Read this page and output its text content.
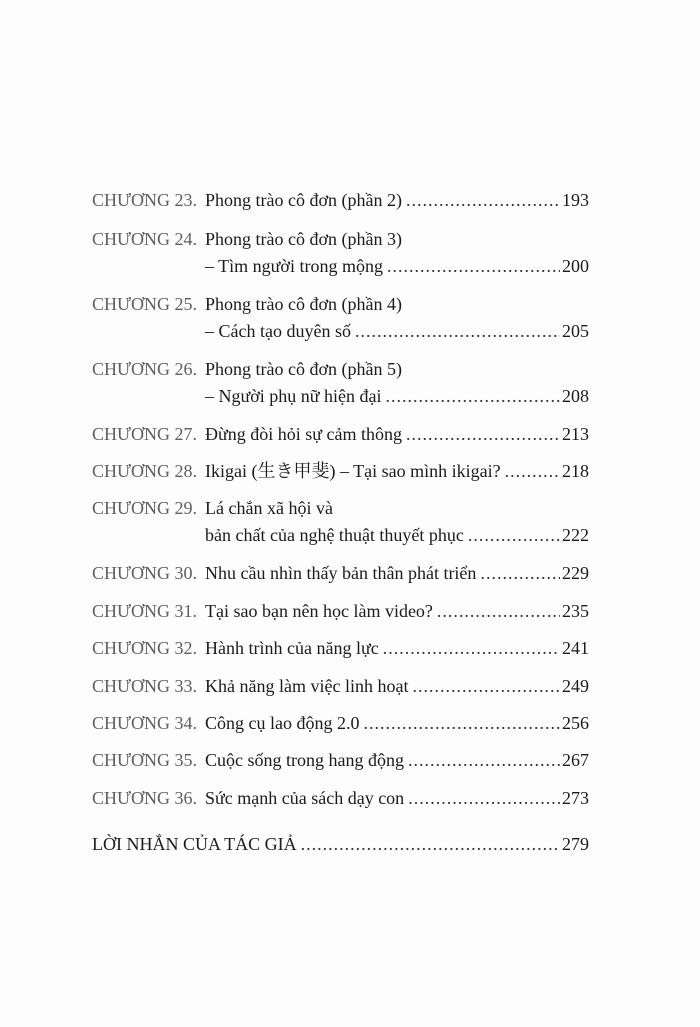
CHƯƠNG 23. Phong trào cô đơn (phần 2) .....	193
CHƯƠNG 24. Phong trào cô đơn (phần 3)
– Tìm người trong mộng .....	200
CHƯƠNG 25. Phong trào cô đơn (phần 4)
– Cách tạo duyên số .....	205
CHƯƠNG 26. Phong trào cô đơn (phần 5)
– Người phụ nữ hiện đại .....	208
CHƯƠNG 27. Đừng đòi hỏi sự cảm thông .....	213
CHƯƠNG 28. Ikigai (生き甲斐) – Tại sao mình ikigai? .....	218
CHƯƠNG 29. Lá chắn xã hội và
bản chất của nghệ thuật thuyết phục .....	222
CHƯƠNG 30. Nhu cầu nhìn thấy bản thân phát triển .....	229
CHƯƠNG 31. Tại sao bạn nên học làm video? .....	235
CHƯƠNG 32. Hành trình của năng lực .....	241
CHƯƠNG 33. Khả năng làm việc linh hoạt .....	249
CHƯƠNG 34. Công cụ lao động 2.0 .....	256
CHƯƠNG 35. Cuộc sống trong hang động .....	267
CHƯƠNG 36. Sức mạnh của sách dạy con .....	273
LỜI NHẮN CỦA TÁC GIẢ .....	279
